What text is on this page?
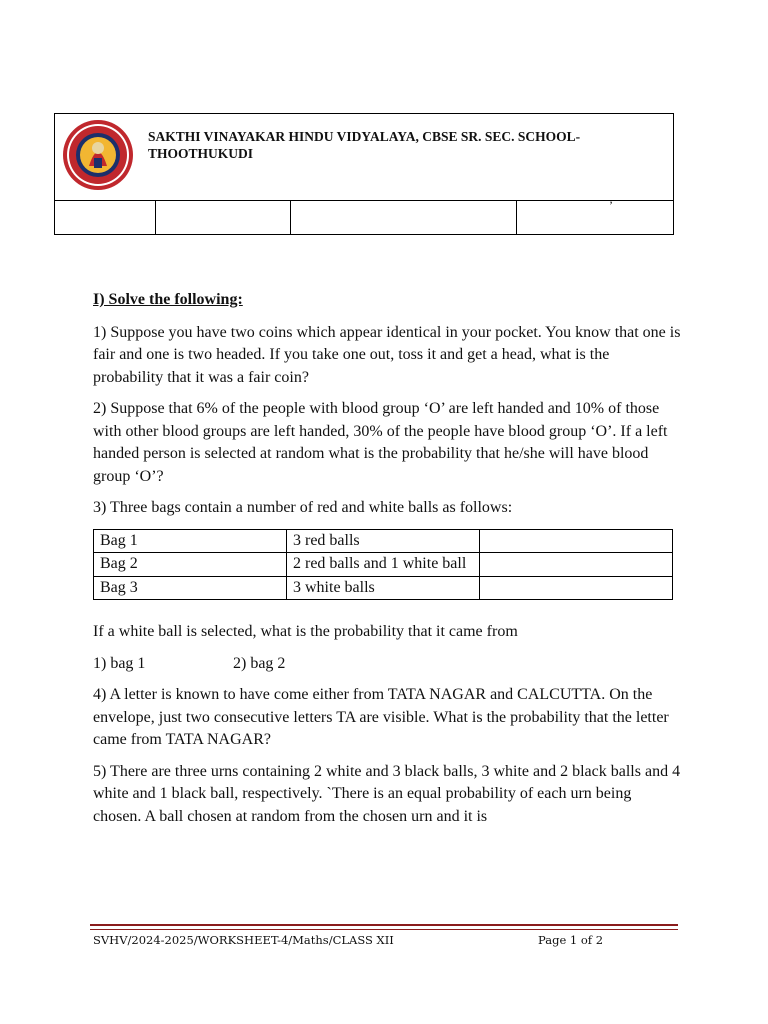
SAKTHI VINAYAKAR HINDU VIDYALAYA, CBSE SR. SEC. SCHOOL-THOOTHUKUDI
’

I) Solve the following:

1) Suppose you have two coins which appear identical in your pocket. You know that one is fair and one is two headed. If you take one out, toss it and get a head, what is the probability that it was a fair coin?

2) Suppose that 6% of the people with blood group ‘O’ are left handed and 10% of those with other blood groups are left handed, 30% of the people have blood group ‘O’. If a left handed person is selected at random what is the probability that he/she will have blood group ‘O’?

3) Three bags contain a number of red and white balls as follows:

Bag 1	3 red balls	
Bag 2	2 red balls and 1 white ball	
Bag 3	3 white balls	

If a white ball is selected, what is the probability that it came from

1) bag 1	2) bag 2

4) A letter is known to have come either from TATA NAGAR and CALCUTTA. On the envelope, just two consecutive letters TA are visible. What is the probability that the letter came from TATA NAGAR?

5) There are three urns containing 2 white and 3 black balls, 3 white and 2 black balls and 4 white and 1 black ball, respectively. `There is an equal probability of each urn being chosen. A ball chosen at random from the chosen urn and it is

SVHV/2024-2025/WORKSHEET-4/Maths/CLASS XII	Page 1 of 2
